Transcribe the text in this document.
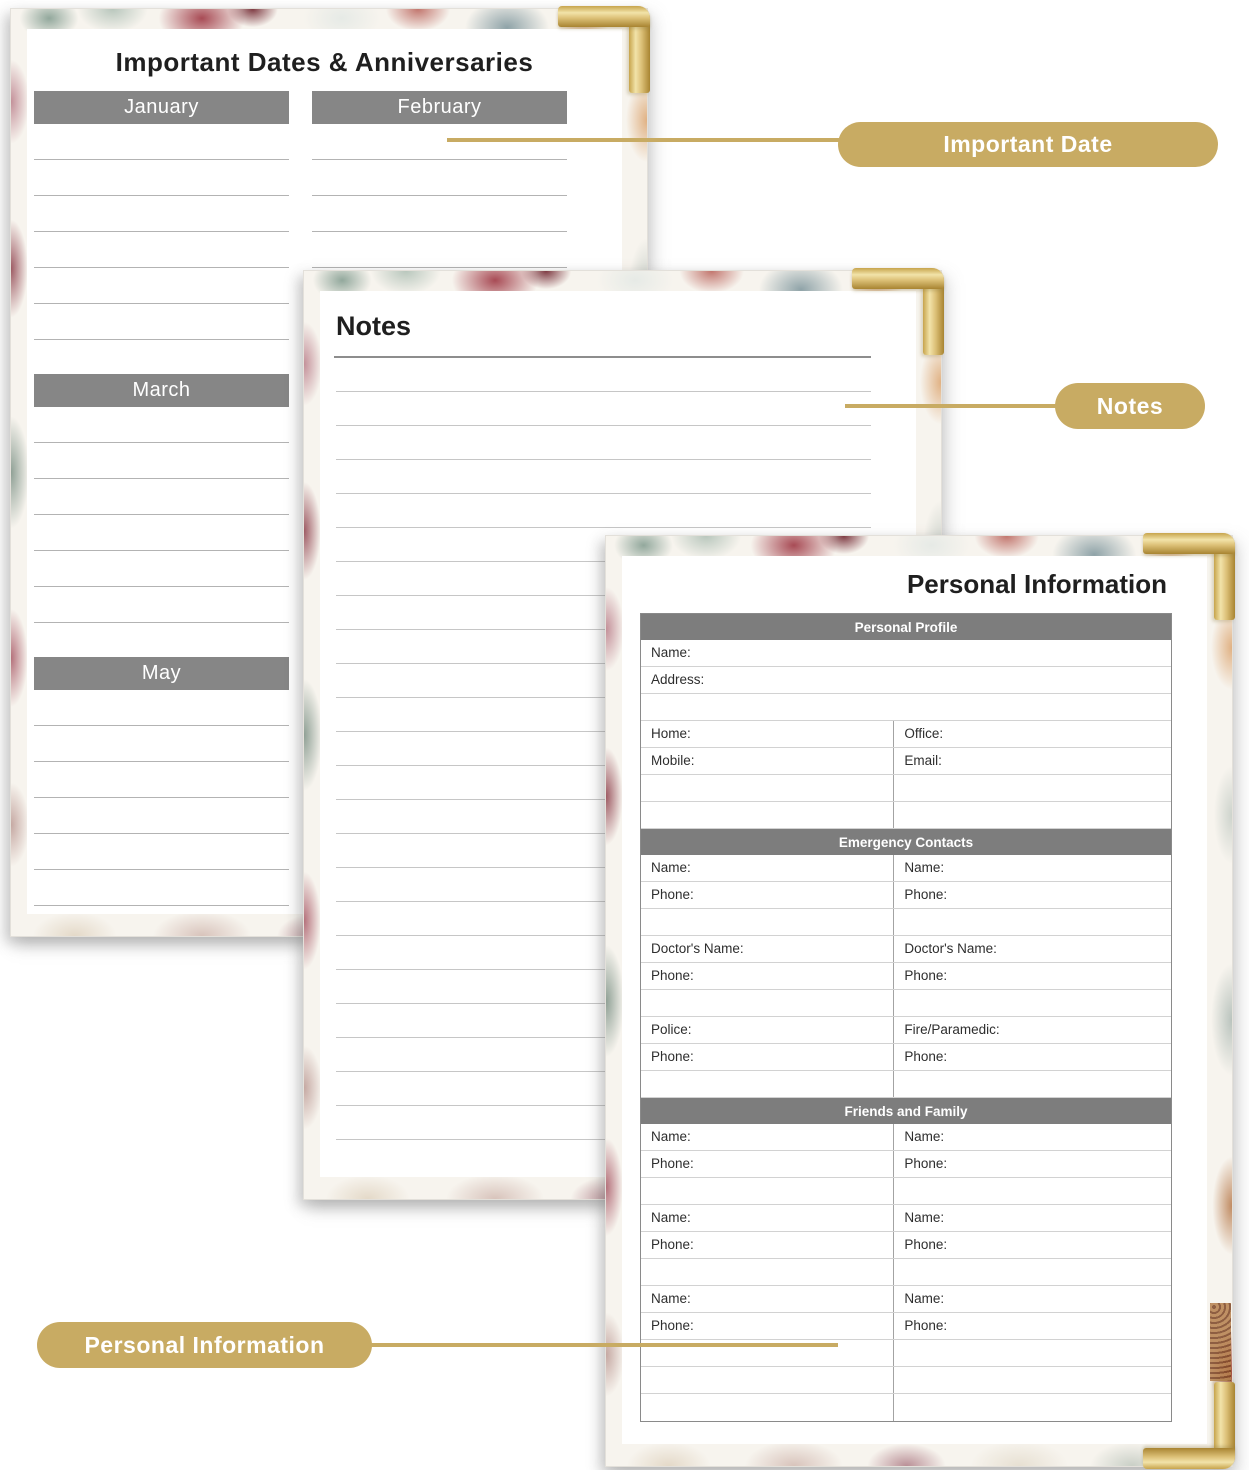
Important Dates & Anniversaries
January
March
May
February
Notes
Personal Information
Personal Profile
Name:
Address:
Home:	Office:
Mobile:	Email:
Emergency Contacts
Name:	Name:
Phone:	Phone:
Doctor's Name:	Doctor's Name:
Phone:	Phone:
Police:	Fire/Paramedic:
Phone:	Phone:
Friends and Family
Name:	Name:
Phone:	Phone:
Name:	Name:
Phone:	Phone:
Name:	Name:
Phone:	Phone:
Important Date
Notes
Personal Information
